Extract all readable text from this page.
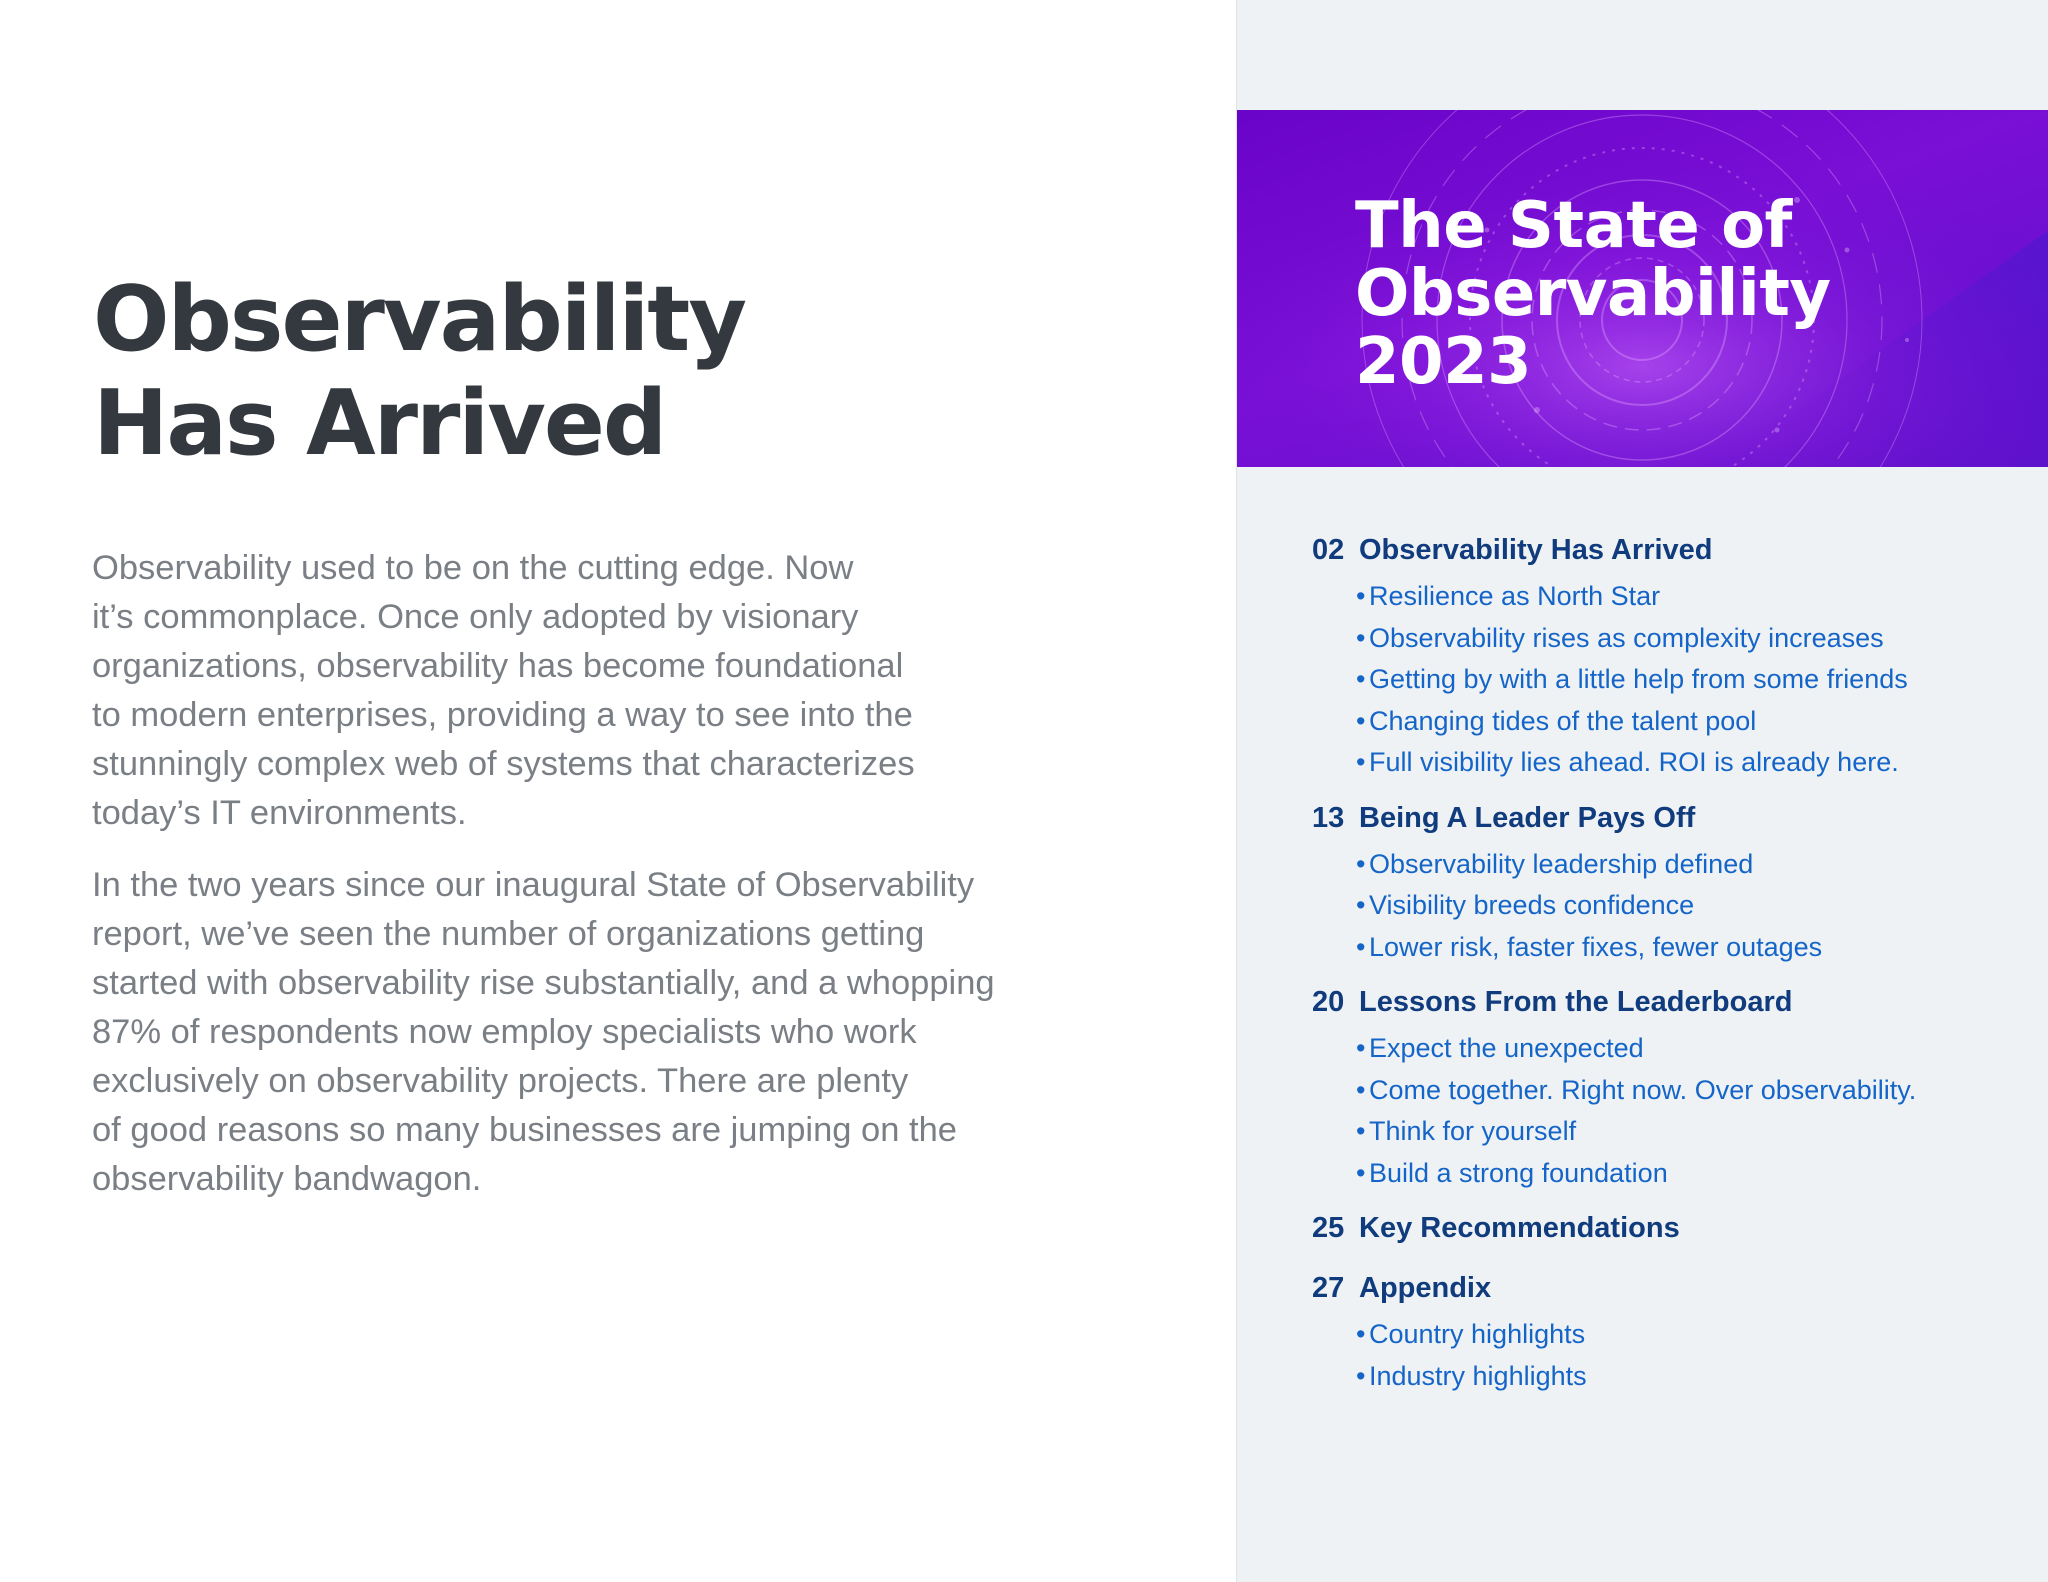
Observability
Has Arrived

Observability used to be on the cutting edge. Now
it’s commonplace. Once only adopted by visionary
organizations, observability has become foundational
to modern enterprises, providing a way to see into the
stunningly complex web of systems that characterizes
today’s IT environments.

In the two years since our inaugural State of Observability
report, we’ve seen the number of organizations getting
started with observability rise substantially, and a whopping
87% of respondents now employ specialists who work
exclusively on observability projects. There are plenty
of good reasons so many businesses are jumping on the
observability bandwagon.

The State of
Observability
2023
02 Observability Has Arrived
• Resilience as North Star
• Observability rises as complexity increases
• Getting by with a little help from some friends
• Changing tides of the talent pool
• Full visibility lies ahead. ROI is already here.
13 Being A Leader Pays Off
• Observability leadership defined
• Visibility breeds confidence
• Lower risk, faster fixes, fewer outages
20 Lessons From the Leaderboard
• Expect the unexpected
• Come together. Right now. Over observability.
• Think for yourself
• Build a strong foundation
25 Key Recommendations
27 Appendix
• Country highlights
• Industry highlights
